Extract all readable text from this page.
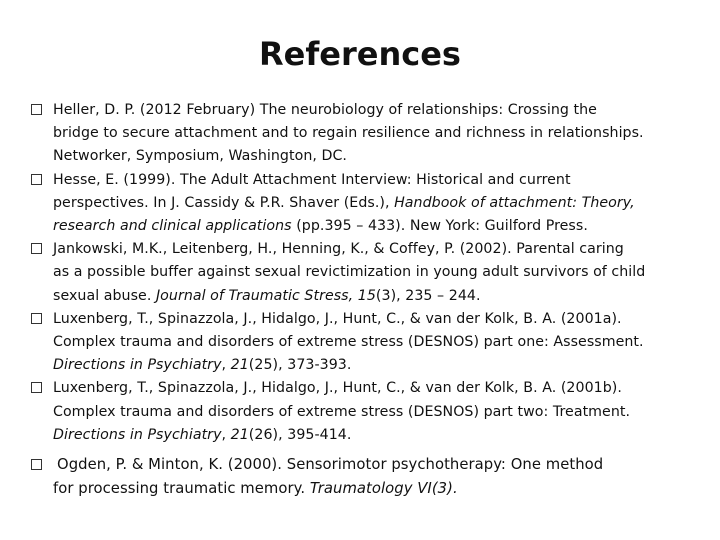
References
Heller, D. P. (2012 February) The neurobiology of relationships: Crossing the
bridge to secure attachment and to regain resilience and richness in relationships.
Networker, Symposium, Washington, DC.
Hesse, E. (1999). The Adult Attachment Interview: Historical and current
perspectives. In J. Cassidy & P.R. Shaver (Eds.), Handbook of attachment: Theory,
research and clinical applications (pp.395 – 433). New York: Guilford Press.
Jankowski, M.K., Leitenberg, H., Henning, K., & Coffey, P. (2002). Parental caring
as a possible buffer against sexual revictimization in young adult survivors of child
sexual abuse. Journal of Traumatic Stress, 15(3), 235 – 244.
Luxenberg, T., Spinazzola, J., Hidalgo, J., Hunt, C., & van der Kolk, B. A. (2001a).
Complex trauma and disorders of extreme stress (DESNOS) part one: Assessment.
Directions in Psychiatry, 21(25), 373-393.
Luxenberg, T., Spinazzola, J., Hidalgo, J., Hunt, C., & van der Kolk, B. A. (2001b).
Complex trauma and disorders of extreme stress (DESNOS) part two: Treatment.
Directions in Psychiatry, 21(26), 395-414.
Ogden, P. & Minton, K. (2000). Sensorimotor psychotherapy: One method
for processing traumatic memory. Traumatology VI(3).
